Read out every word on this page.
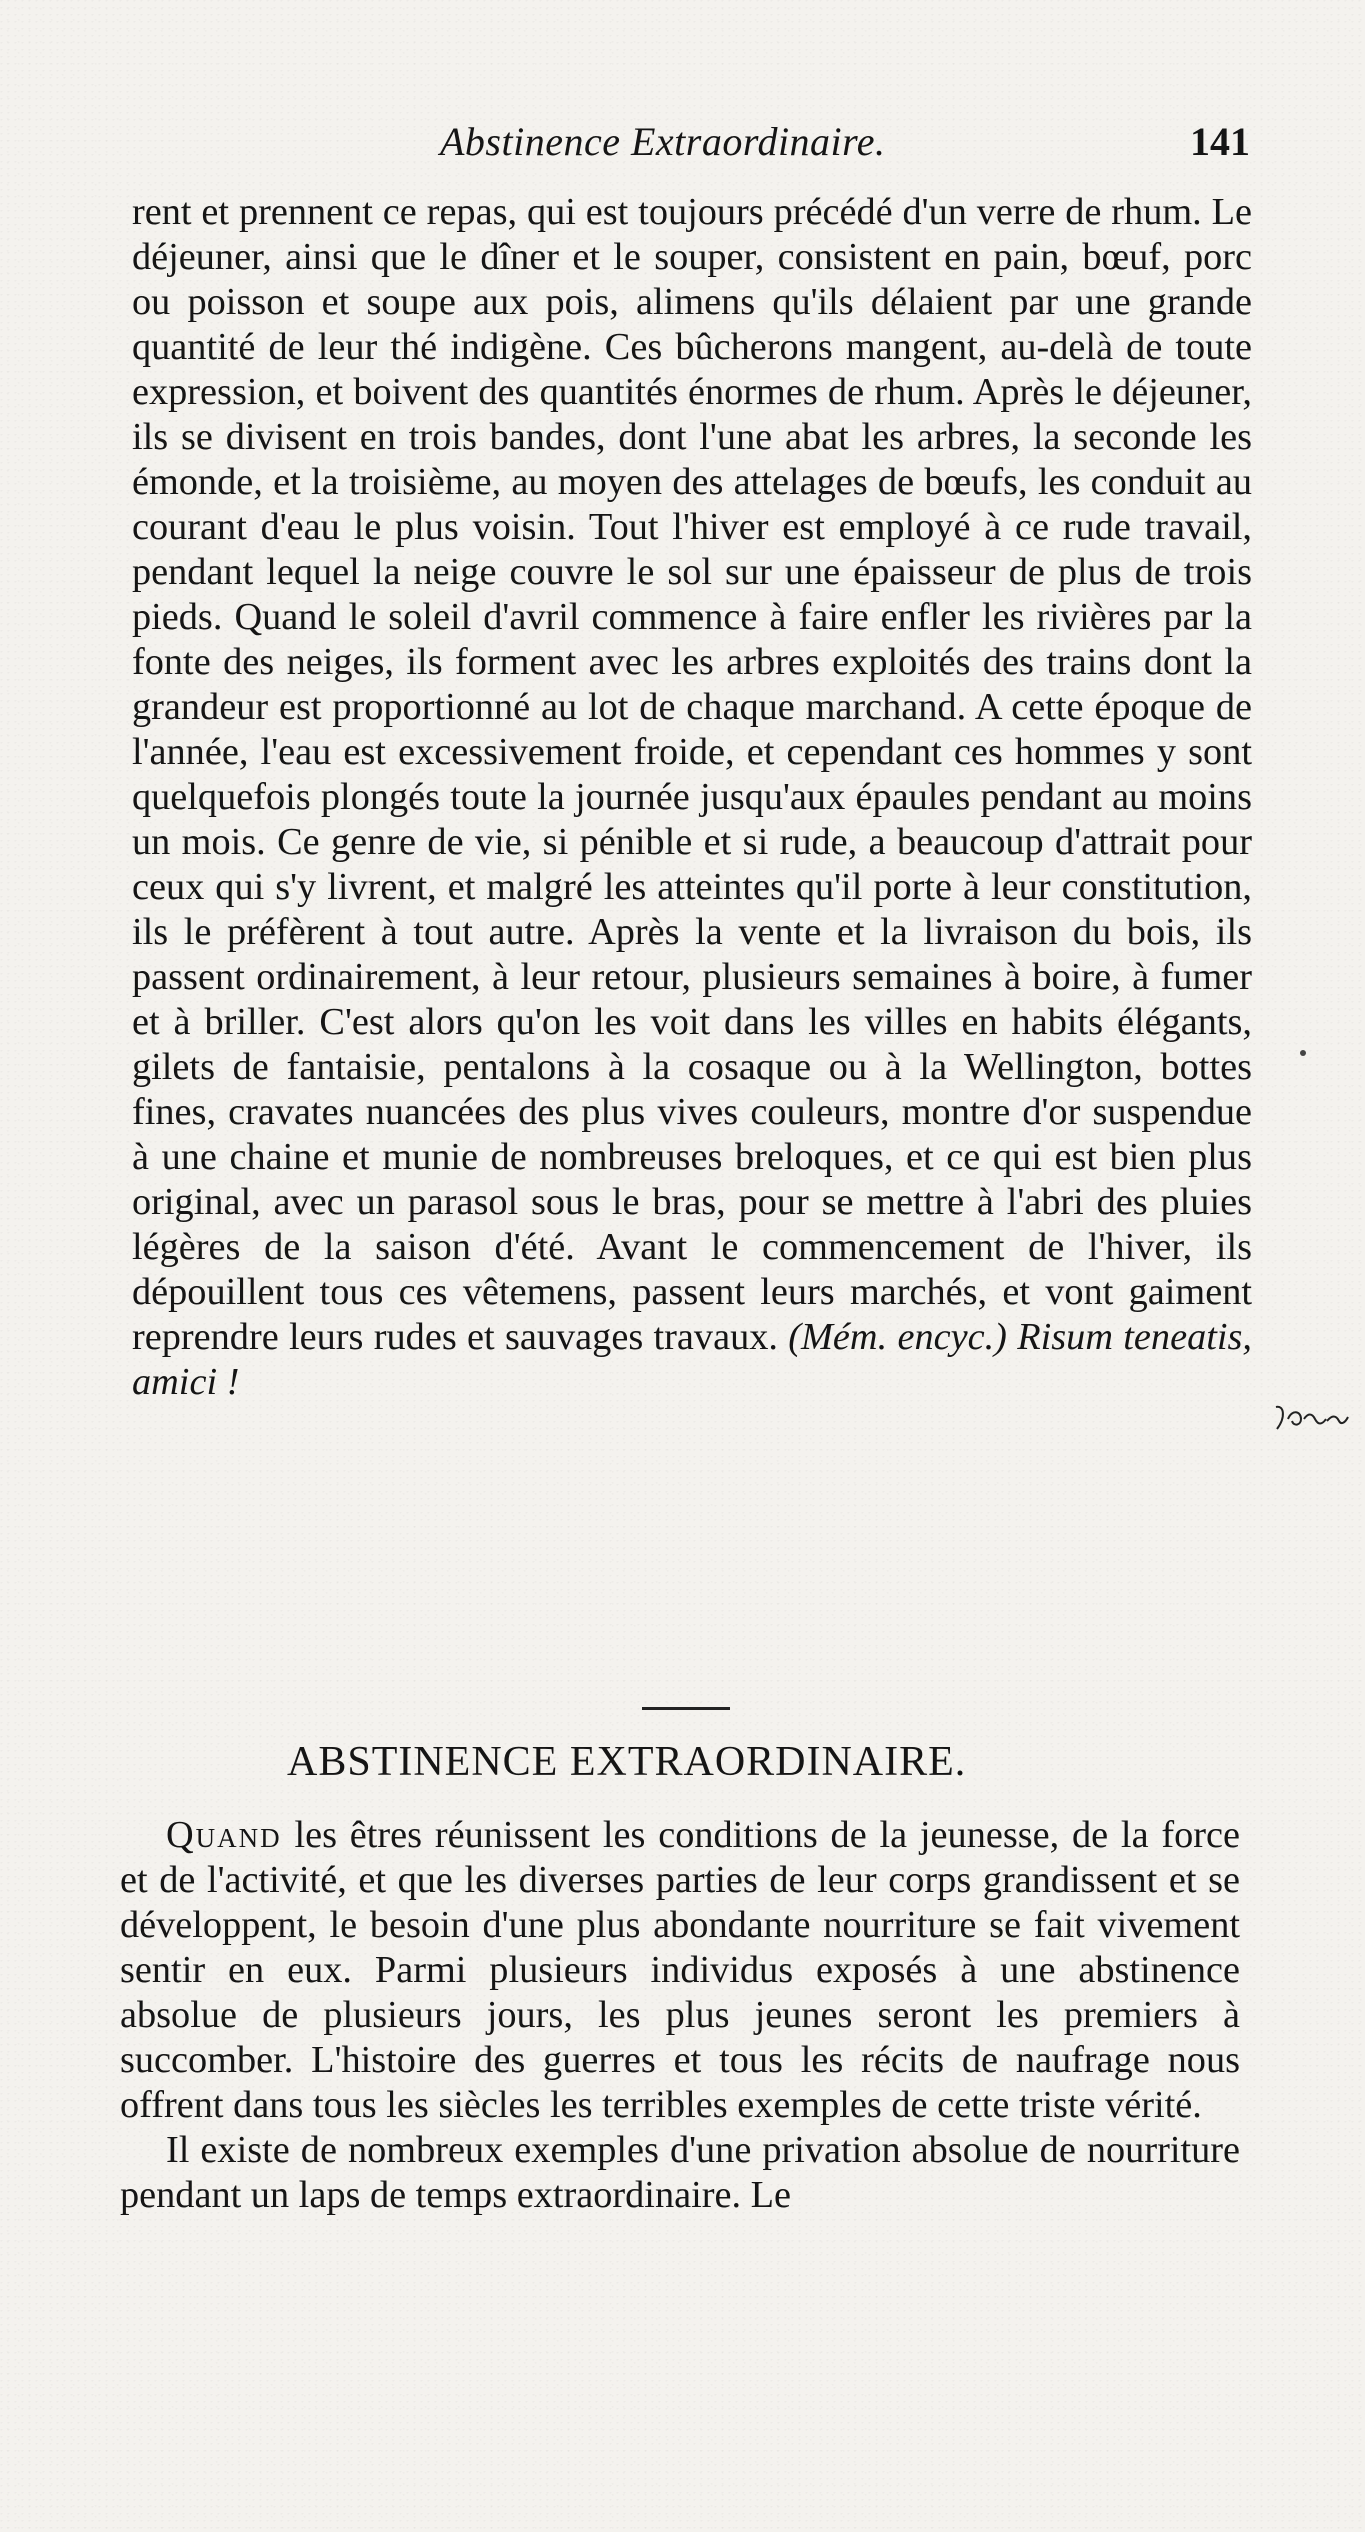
Abstinence Extraordinaire.	141
rent et prennent ce repas, qui est toujours précédé d'un verre de rhum. Le déjeuner, ainsi que le dîner et le souper, consistent en pain, bœuf, porc ou poisson et soupe aux pois, alimens qu'ils délaient par une grande quantité de leur thé indigène. Ces bûcherons mangent, au-delà de toute expression, et boivent des quantités énormes de rhum. Après le déjeuner, ils se divisent en trois bandes, dont l'une abat les arbres, la seconde les émonde, et la troisième, au moyen des attelages de bœufs, les conduit au courant d'eau le plus voisin. Tout l'hiver est employé à ce rude travail, pendant lequel la neige couvre le sol sur une épaisseur de plus de trois pieds. Quand le soleil d'avril commence à faire enfler les rivières par la fonte des neiges, ils forment avec les arbres exploités des trains dont la grandeur est proportionné au lot de chaque marchand. A cette époque de l'année, l'eau est excessivement froide, et cependant ces hommes y sont quelquefois plongés toute la journée jusqu'aux épaules pendant au moins un mois. Ce genre de vie, si pénible et si rude, a beaucoup d'attrait pour ceux qui s'y livrent, et malgré les atteintes qu'il porte à leur constitution, ils le préfèrent à tout autre. Après la vente et la livraison du bois, ils passent ordinairement, à leur retour, plusieurs semaines à boire, à fumer et à briller. C'est alors qu'on les voit dans les villes en habits élégants, gilets de fantaisie, pentalons à la cosaque ou à la Wellington, bottes fines, cravates nuancées des plus vives couleurs, montre d'or suspendue à une chaine et munie de nombreuses breloques, et ce qui est bien plus original, avec un parasol sous le bras, pour se mettre à l'abri des pluies légères de la saison d'été. Avant le commencement de l'hiver, ils dépouillent tous ces vêtemens, passent leurs marchés, et vont gaiment reprendre leurs rudes et sauvages travaux. (Mém. encyc.) Risum teneatis, amici !
ABSTINENCE EXTRAORDINAIRE.

Quand les êtres réunissent les conditions de la jeunesse, de la force et de l'activité, et que les diverses parties de leur corps grandissent et se développent, le besoin d'une plus abondante nourriture se fait vivement sentir en eux. Parmi plusieurs individus exposés à une abstinence absolue de plusieurs jours, les plus jeunes seront les premiers à succomber. L'histoire des guerres et tous les récits de naufrage nous offrent dans tous les siècles les terribles exemples de cette triste vérité.

Il existe de nombreux exemples d'une privation absolue de nourriture pendant un laps de temps extraordinaire. Le
